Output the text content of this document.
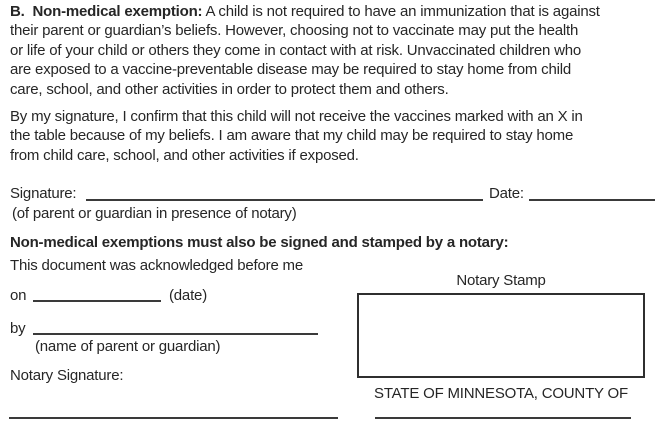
B.  Non-medical exemption: A child is not required to have an immunization that is against
their parent or guardian’s beliefs. However, choosing not to vaccinate may put the health
or life of your child or others they come in contact with at risk. Unvaccinated children who
are exposed to a vaccine-preventable disease may be required to stay home from child
care, school, and other activities in order to protect them and others.
By my signature, I confirm that this child will not receive the vaccines marked with an X in
the table because of my beliefs. I am aware that my child may be required to stay home
from child care, school, and other activities if exposed.
Signature:	Date:
(of parent or guardian in presence of notary)
Non-medical exemptions must also be signed and stamped by a notary:
This document was acknowledged before me
on	(date)
by
(name of parent or guardian)
Notary Signature:
Notary Stamp
STATE OF MINNESOTA, COUNTY OF
